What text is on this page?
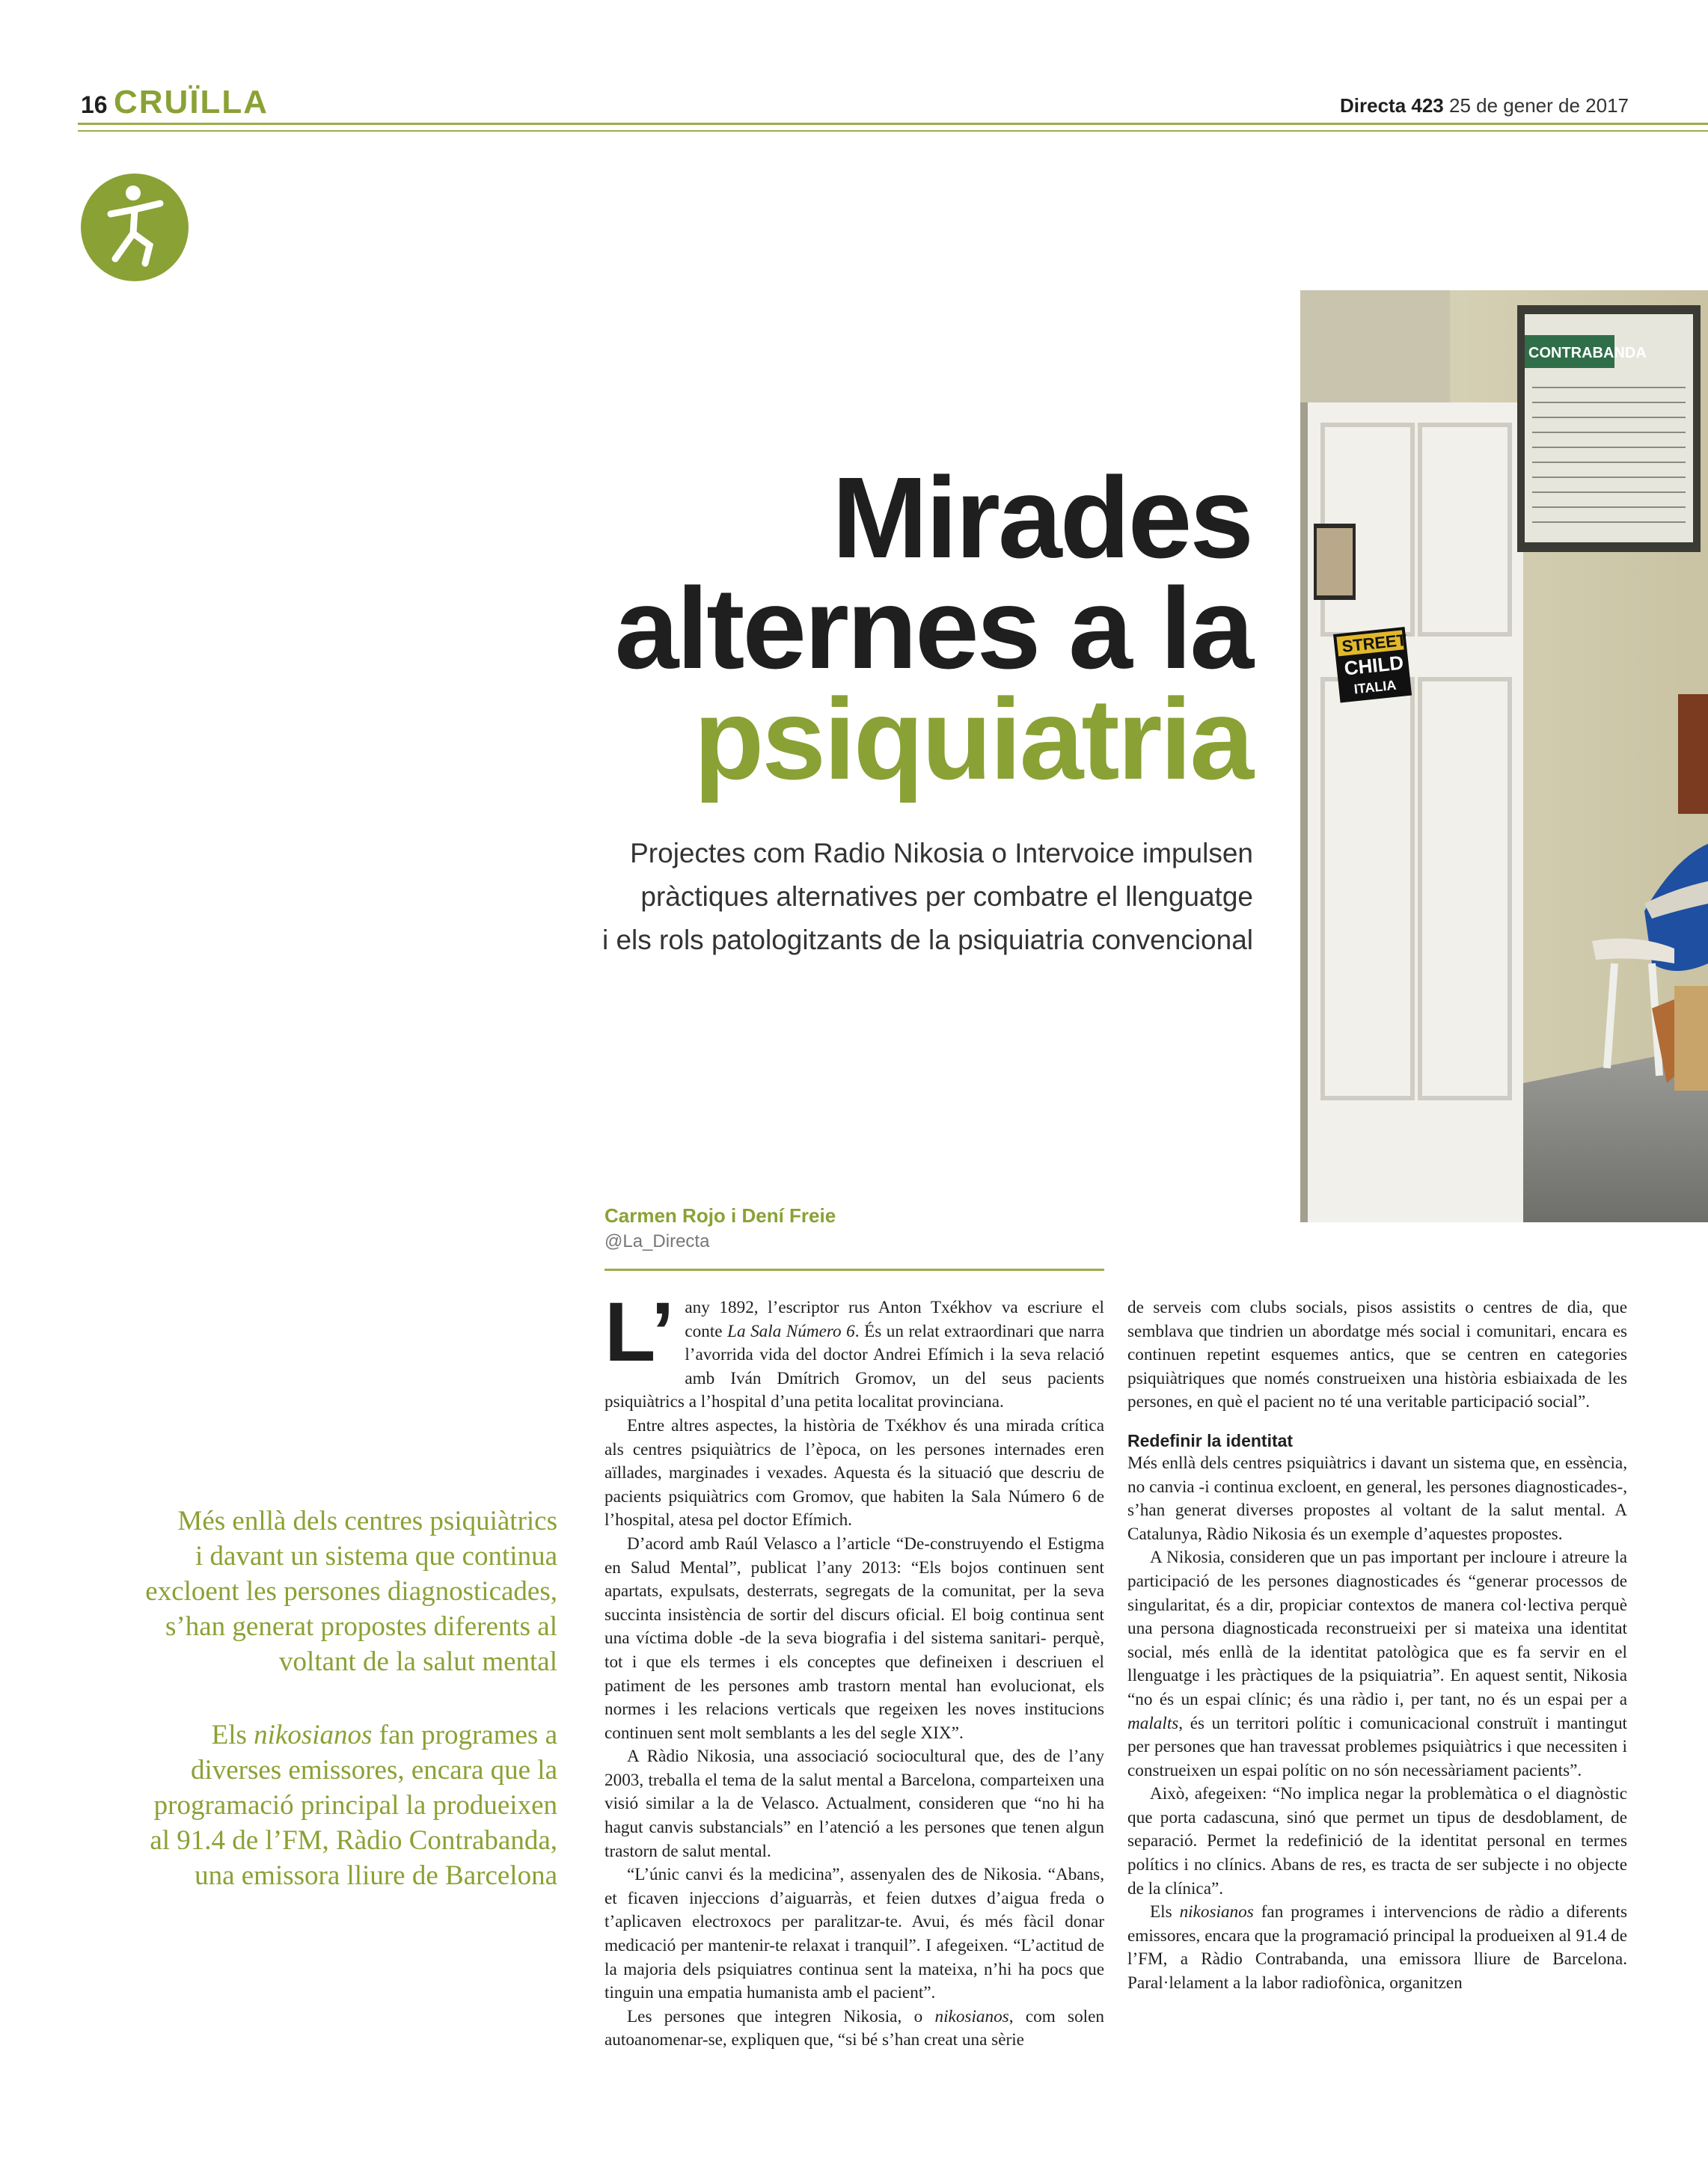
16 CRUÏLLA	Directa 423 25 de gener de 2017
CONTRABANDA
STREET
CHILD
ITALIA
Mirades
alternes a la
psiquiatria
Projectes com Radio Nikosia o Intervoice impulsen
pràctiques alternatives per combatre el llenguatge
i els rols patologitzants de la psiquiatria convencional
Carmen Rojo i Dení Freie
@La_Directa
Més enllà dels centres psiquiàtrics
i davant un sistema que continua
excloent les persones diagnosticades,
s’han generat propostes diferents al
voltant de la salut mental
Els nikosianos fan programes a
diverses emissores, encara que la
programació principal la produeixen
al 91.4 de l’FM, Ràdio Contrabanda,
una emissora lliure de Barcelona

L’ any 1892, l’escriptor rus Anton Txékhov va escriure el conte La Sala Número 6. És un relat extraordinari que narra l’avorrida vida del doctor Andrei Efímich i la seva relació amb Iván Dmítrich Gromov, un del seus pacients psiquiàtrics a l’hospital d’una petita localitat provinciana.

Entre altres aspectes, la història de Txékhov és una mirada crítica als centres psiquiàtrics de l’època, on les persones internades eren aïllades, marginades i vexades. Aquesta és la situació que descriu de pacients psiquiàtrics com Gromov, que habiten la Sala Número 6 de l’hospital, atesa pel doctor Efímich.

D’acord amb Raúl Velasco a l’article “De-construyendo el Estigma en Salud Mental”, publicat l’any 2013: “Els bojos continuen sent apartats, expulsats, desterrats, segregats de la comunitat, per la seva succinta insistència de sortir del discurs oficial. El boig continua sent una víctima doble -de la seva biografia i del sistema sanitari- perquè, tot i que els termes i els conceptes que defineixen i descriuen el patiment de les persones amb trastorn mental han evolucionat, els normes i les relacions verticals que regeixen les noves institucions continuen sent molt semblants a les del segle XIX”.

A Ràdio Nikosia, una associació sociocultural que, des de l’any 2003, treballa el tema de la salut mental a Barcelona, comparteixen una visió similar a la de Velasco. Actualment, consideren que “no hi ha hagut canvis substancials” en l’atenció a les persones que tenen algun trastorn de salut mental.

“L’únic canvi és la medicina”, assenyalen des de Nikosia. “Abans, et ficaven injeccions d’aiguarràs, et feien dutxes d’aigua freda o t’aplicaven electroxocs per paralitzar-te. Avui, és més fàcil donar medicació per mantenir-te relaxat i tranquil”. I afegeixen. “L’actitud de la majoria dels psiquiatres continua sent la mateixa, n’hi ha pocs que tinguin una empatia humanista amb el pacient”.

Les persones que integren Nikosia, o nikosianos, com solen autoanomenar-se, expliquen que, “si bé s’han creat una sèrie

de serveis com clubs socials, pisos assistits o centres de dia, que semblava que tindrien un abordatge més social i comunitari, encara es continuen repetint esquemes antics, que se centren en categories psiquiàtriques que només construeixen una història esbiaixada de les persones, en què el pacient no té una veritable participació social”.

Redefinir la identitat

Més enllà dels centres psiquiàtrics i davant un sistema que, en essència, no canvia -i continua excloent, en general, les persones diagnosticades-, s’han generat diverses propostes al voltant de la salut mental. A Catalunya, Ràdio Nikosia és un exemple d’aquestes propostes.

A Nikosia, consideren que un pas important per incloure i atreure la participació de les persones diagnosticades és “generar processos de singularitat, és a dir, propiciar contextos de manera col·lectiva perquè una persona diagnosticada reconstrueixi per si mateixa una identitat social, més enllà de la identitat patològica que es fa servir en el llenguatge i les pràctiques de la psiquiatria”. En aquest sentit, Nikosia “no és un espai clínic; és una ràdio i, per tant, no és un espai per a malalts, és un territori polític i comunicacional construït i mantingut per persones que han travessat problemes psiquiàtrics i que necessiten i construeixen un espai polític on no són necessàriament pacients”.

Això, afegeixen: “No implica negar la problemàtica o el diagnòstic que porta cadascuna, sinó que permet un tipus de desdoblament, de separació. Permet la redefinició de la identitat personal en termes polítics i no clínics. Abans de res, es tracta de ser subjecte i no objecte de la clínica”.

Els nikosianos fan programes i intervencions de ràdio a diferents emissores, encara que la programació principal la produeixen al 91.4 de l’FM, a Ràdio Contrabanda, una emissora lliure de Barcelona. Paral·lelament a la labor radiofònica, organitzen
